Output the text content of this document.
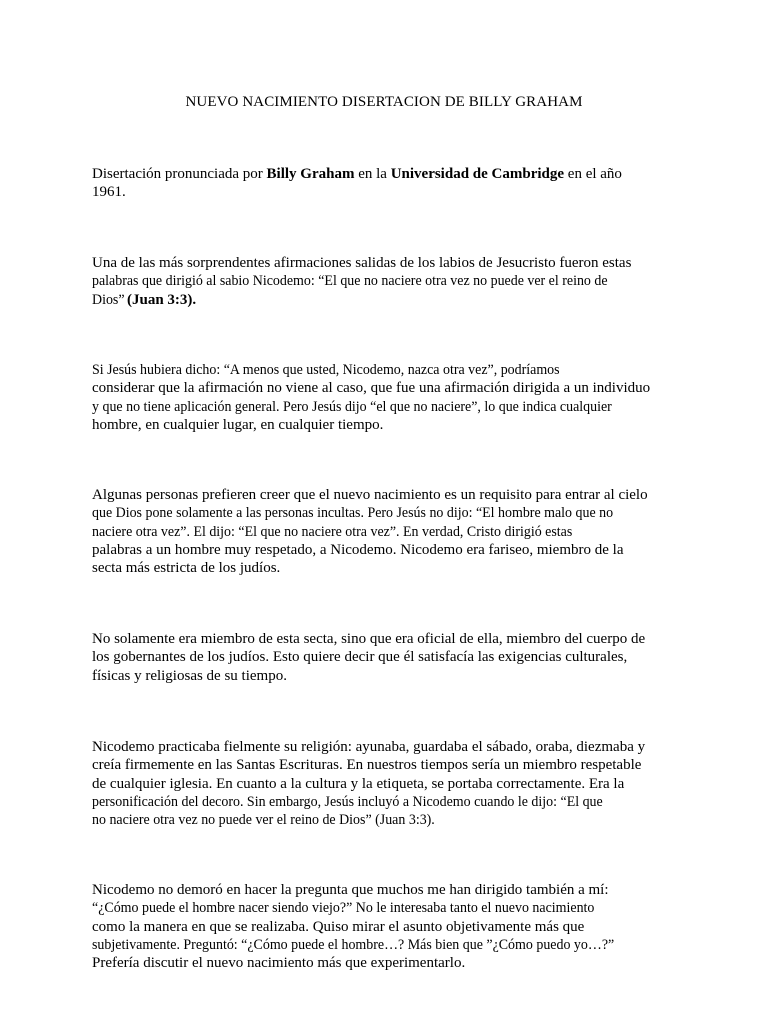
NUEVO NACIMIENTO DISERTACION DE BILLY GRAHAM

Disertación pronunciada por Billy Graham en la Universidad de Cambridge en el año
1961.

Una de las más sorprendentes afirmaciones salidas de los labios de Jesucristo fueron estas
palabras que dirigió al sabio Nicodemo: “El que no naciere otra vez no puede ver el reino de
Dios”(Juan 3:3).

Si Jesús hubiera dicho: “A menos que usted, Nicodemo, nazca otra vez”, podríamos
considerar que la afirmación no viene al caso, que fue una afirmación dirigida a un individuo
y que no tiene aplicación general. Pero Jesús dijo “el que no naciere”, lo que indica cualquier
hombre, en cualquier lugar, en cualquier tiempo.

Algunas personas prefieren creer que el nuevo nacimiento es un requisito para entrar al cielo
que Dios pone solamente a las personas incultas. Pero Jesús no dijo: “El hombre malo que no
naciere otra vez”. El dijo: “El que no naciere otra vez”. En verdad, Cristo dirigió estas
palabras a un hombre muy respetado, a Nicodemo. Nicodemo era fariseo, miembro de la
secta más estricta de los judíos.

No solamente era miembro de esta secta, sino que era oficial de ella, miembro del cuerpo de
los gobernantes de los judíos. Esto quiere decir que él satisfacía las exigencias culturales,
físicas y religiosas de su tiempo.

Nicodemo practicaba fielmente su religión: ayunaba, guardaba el sábado, oraba, diezmaba y
creía firmemente en las Santas Escrituras. En nuestros tiempos sería un miembro respetable
de cualquier iglesia. En cuanto a la cultura y la etiqueta, se portaba correctamente. Era la
personificación del decoro. Sin embargo, Jesús incluyó a Nicodemo cuando le dijo: “El que
no naciere otra vez no puede ver el reino de Dios” (Juan 3:3).

Nicodemo no demoró en hacer la pregunta que muchos me han dirigido también a mí:
“¿Cómo puede el hombre nacer siendo viejo?” No le interesaba tanto el nuevo nacimiento
como la manera en que se realizaba. Quiso mirar el asunto objetivamente más que
subjetivamente. Preguntó: “¿Cómo puede el hombre…? Más bien que ”¿Cómo puedo yo…?”
Prefería discutir el nuevo nacimiento más que experimentarlo.
